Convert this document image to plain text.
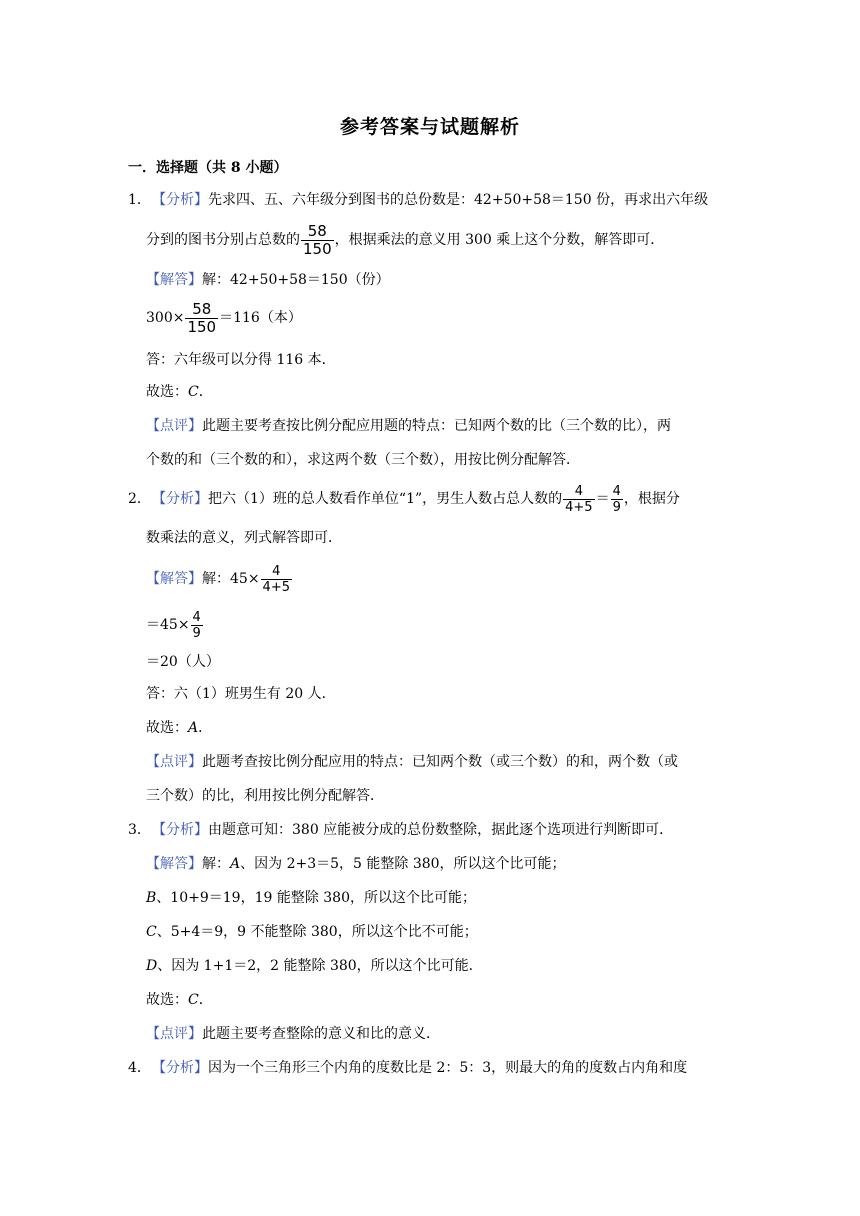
参考答案与试题解析
一．选择题（共 8 小题）
1． 【分析】先求四、五、六年级分到图书的总份数是：42+50+58＝150 份，再求出六年级
分到的图书分别占总数的 $\frac{58}{150}$ ，根据乘法的意义用 300 乘上这个分数，解答即可．
【解答】解：42+50+58＝150（份）
$300\times \frac{58}{150} =116$（本）
答：六年级可以分得 116 本．
故选：C．
【点评】此题主要考查按比例分配应用题的特点：已知两个数的比（三个数的比），两
个数的和（三个数的和），求这两个数（三个数），用按比例分配解答．
2． 【分析】把六（1）班的总人数看作单位“1”，男生人数占总人数的 $\frac{4}{4+5} = \frac{4}{9}$ ，根据分
数乘法的意义，列式解答即可．
【解答】解：$45\times \frac{4}{4+5}$
$=45\times \frac{4}{9}$
＝20（人）
答：六（1）班男生有 20 人．
故选：A．
【点评】此题考查按比例分配应用的特点：已知两个数（或三个数）的和，两个数（或
三个数）的比，利用按比例分配解答．
3． 【分析】由题意可知：380 应能被分成的总份数整除，据此逐个选项进行判断即可．
【解答】解：A、因为 2+3＝5，5 能整除 380，所以这个比可能；
B、10+9＝19，19 能整除 380，所以这个比可能；
C、5+4＝9，9 不能整除 380，所以这个比不可能；
D、因为 1+1＝2，2 能整除 380，所以这个比可能．
故选：C．
【点评】此题主要考查整除的意义和比的意义．
4． 【分析】因为一个三角形三个内角的度数比是 2：5：3，则最大的角的度数占内角和度
